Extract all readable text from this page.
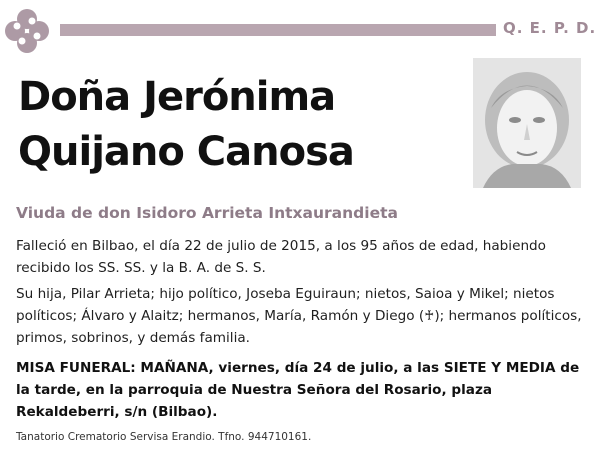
Q. E. P. D.
Doña Jerónima
Quijano Canosa
Viuda de don Isidoro Arrieta Intxaurandieta
Falleció en Bilbao, el día 22 de julio de 2015, a los 95 años de edad, habiendo recibido los SS. SS. y la B. A. de S. S.
Su hija, Pilar Arrieta; hijo político, Joseba Eguiraun; nietos, Saioa y Mikel; nietos políticos; Álvaro y Alaitz; hermanos, María, Ramón y Diego (♰); hermanos políticos, primos, sobrinos, y demás familia.
MISA FUNERAL: MAÑANA, viernes, día 24 de julio, a las SIETE Y MEDIA de la tarde, en la parroquia de Nuestra Señora del Rosario, plaza Rekaldeberri, s/n (Bilbao).
Tanatorio Crematorio Servisa Erandio. Tfno. 944710161.
